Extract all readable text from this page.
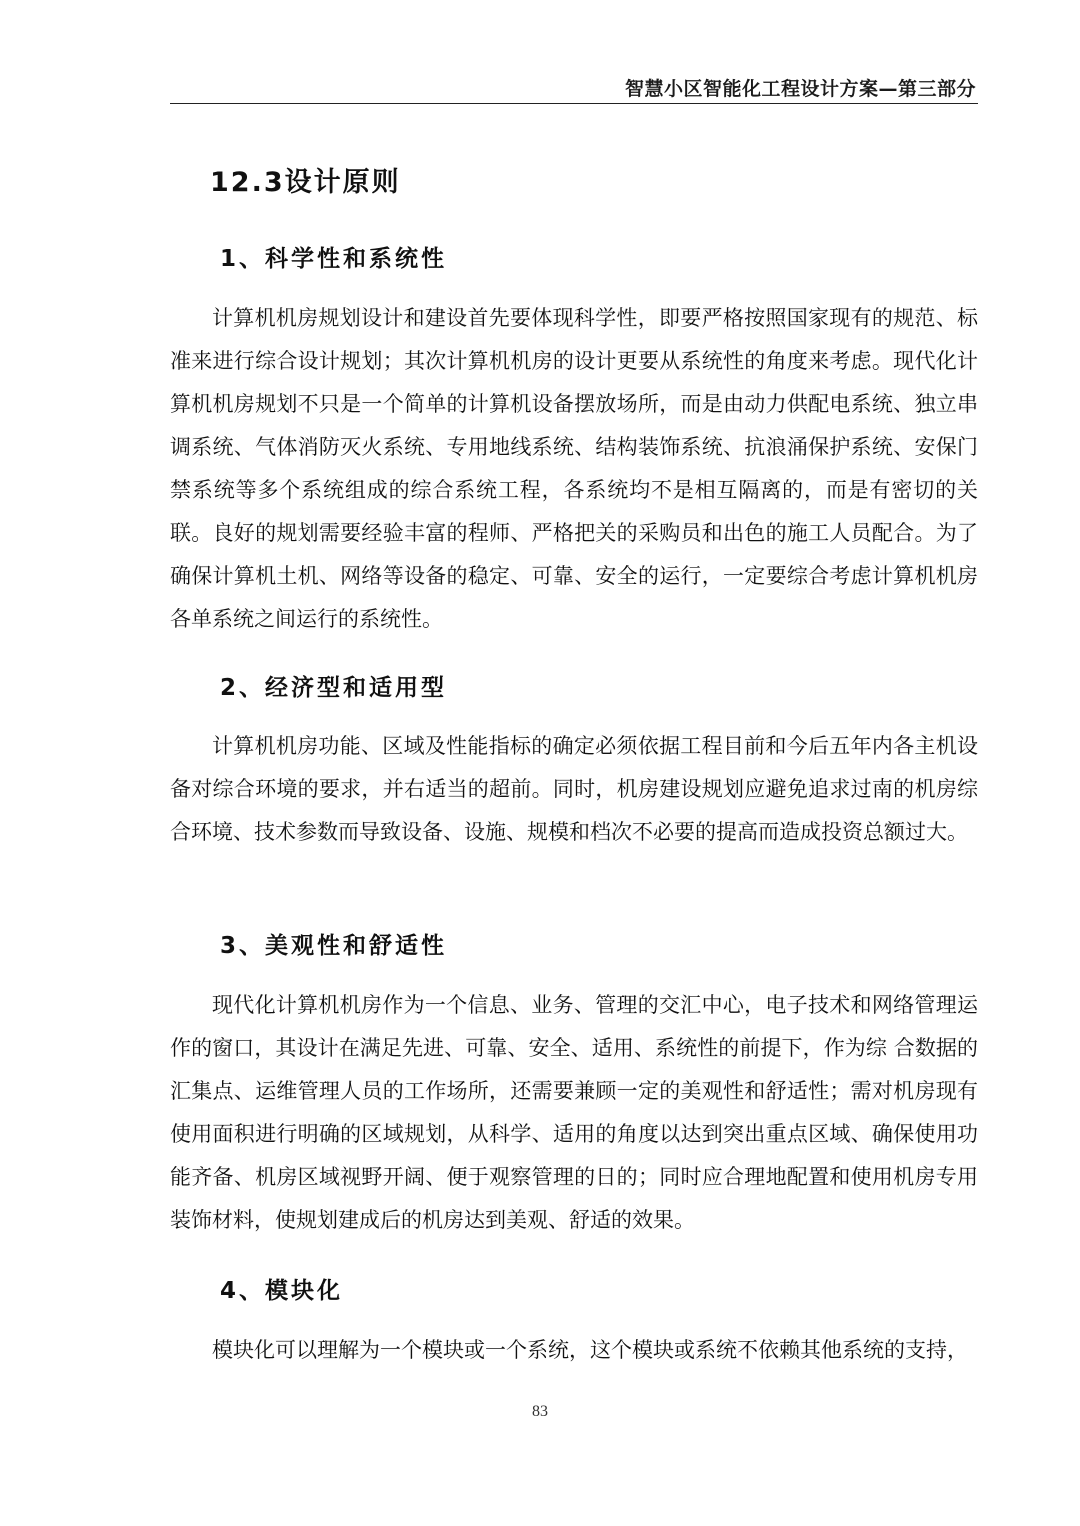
智慧小区智能化工程设计方案—第三部分
12.3设计原则
1、科学性和系统性

计算机机房规划设计和建设首先要体现科学性，即要严格按照国家现有的规范、标准来进行综合设计规划；其次计算机机房的设计更要从系统性的角度来考虑。现代化计算机机房规划不只是一个简单的计算机设备摆放场所，而是由动力供配电系统、独立串调系统、气体消防灭火系统、专用地线系统、结构装饰系统、抗浪涌保护系统、安保门禁系统等多个系统组成的综合系统工程，各系统均不是相互隔离的，而是有密切的关联。良好的规划需要经验丰富的程师、严格把关的采购员和出色的施工人员配合。为了确保计算机土机、网络等设备的稳定、可靠、安全的运行，一定要综合考虑计算机机房各单系统之间运行的系统性。

2、经济型和适用型

计算机机房功能、区域及性能指标的确定必须依据工程目前和今后五年内各主机设备对综合环境的要求，并右适当的超前。同时，机房建设规划应避免追求过南的机房综合环境、技术参数而导致设备、设施、规模和档次不必要的提高而造成投资总额过大。

3、美观性和舒适性

现代化计算机机房作为一个信息、业务、管理的交汇中心，电子技术和网络管理运作的窗口，其设计在满足先进、可靠、安全、适用、系统性的前提下，作为综 合数据的汇集点、运维管理人员的工作场所，还需要兼顾一定的美观性和舒适性；需对机房现有使用面积进行明确的区域规划，从科学、适用的角度以达到突出重点区域、确保使用功能齐备、机房区域视野开阔、便于观察管理的日的；同时应合理地配置和使用机房专用装饰材料，使规划建成后的机房达到美观、舒适的效果。

4、模块化

模块化可以理解为一个模块或一个系统，这个模块或系统不依赖其他系统的支持，

83
